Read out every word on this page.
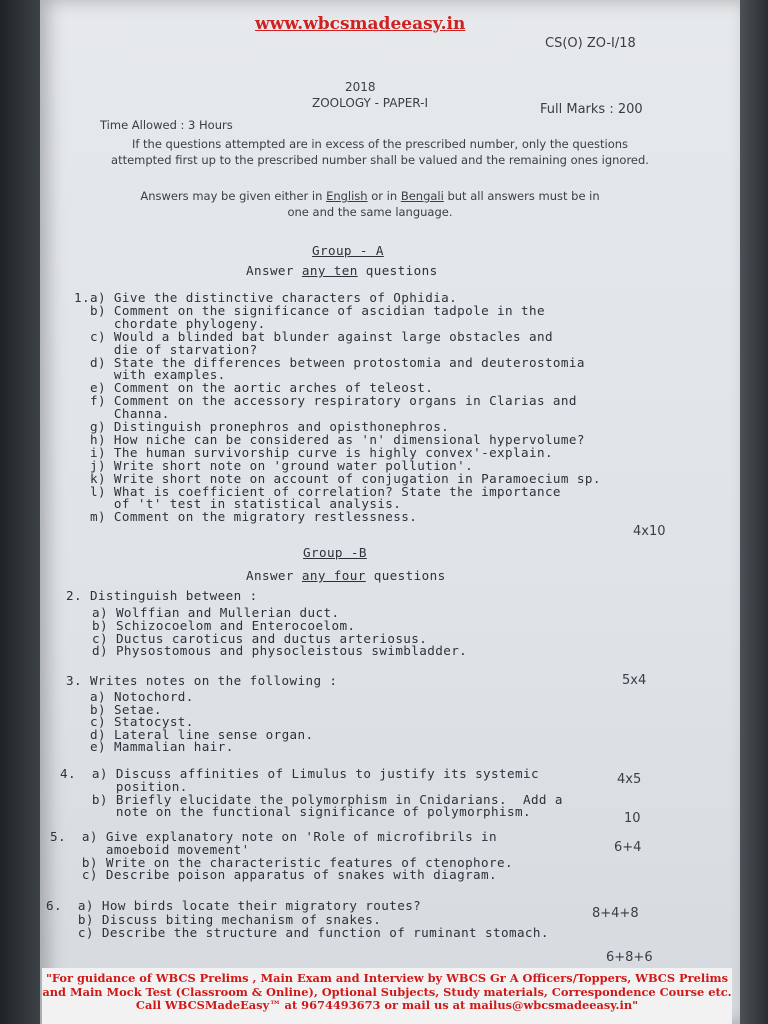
www.wbcsmadeeasy.in
CS(O) ZO-I/18
2018
ZOOLOGY - PAPER-I	Full Marks : 200
Time Allowed : 3 Hours
If the questions attempted are in excess of the prescribed number, only the questions attempted first up to the prescribed number shall be valued and the remaining ones ignored.
Answers may be given either in English or in Bengali but all answers must be in one and the same language.
Group - A
Answer any ten questions
1.a) Give the distinctive characters of Ophidia.
b) Comment on the significance of ascidian tadpole in the
chordate phylogeny.
c) Would a blinded bat blunder against large obstacles and
die of starvation?
d) State the differences between protostomia and deuterostomia
with examples.
e) Comment on the aortic arches of teleost.
f) Comment on the accessory respiratory organs in Clarias and
Channa.
g) Distinguish pronephros and opisthonephros.
h) How niche can be considered as 'n' dimensional hypervolume?
i) The human survivorship curve is highly convex'-explain.
j) Write short note on 'ground water pollution'.
k) Write short note on account of conjugation in Paramoecium sp.
l) What is coefficient of correlation? State the importance
of 't' test in statistical analysis.
m) Comment on the migratory restlessness.
4x10
Group -B
Answer any four questions
2. Distinguish between :
a) Wolffian and Mullerian duct.
b) Schizocoelom and Enterocoelom.
c) Ductus caroticus and ductus arteriosus.
d) Physostomous and physocleistous swimbladder.
5x4
3. Writes notes on the following :
a) Notochord.
b) Setae.
c) Statocyst.
d) Lateral line sense organ.
e) Mammalian hair.
4.  a) Discuss affinities of Limulus to justify its systemic
position.
b) Briefly elucidate the polymorphism in Cnidarians.  Add a
note on the functional significance of polymorphism.
4x5
10
5.  a) Give explanatory note on 'Role of microfibrils in
amoeboid movement'
b) Write on the characteristic features of ctenophore.
c) Describe poison apparatus of snakes with diagram.
6+4
6.  a) How birds locate their migratory routes?
b) Discuss biting mechanism of snakes.
c) Describe the structure and function of ruminant stomach.
8+4+8
6+8+6
"For guidance of WBCS Prelims , Main Exam and Interview by WBCS Gr A Officers/Toppers, WBCS Prelims and Main Mock Test (Classroom & Online), Optional Subjects, Study materials, Correspondence Course etc. Call WBCSMadeEasy™ at 9674493673 or mail us at mailus@wbcsmadeeasy.in"
